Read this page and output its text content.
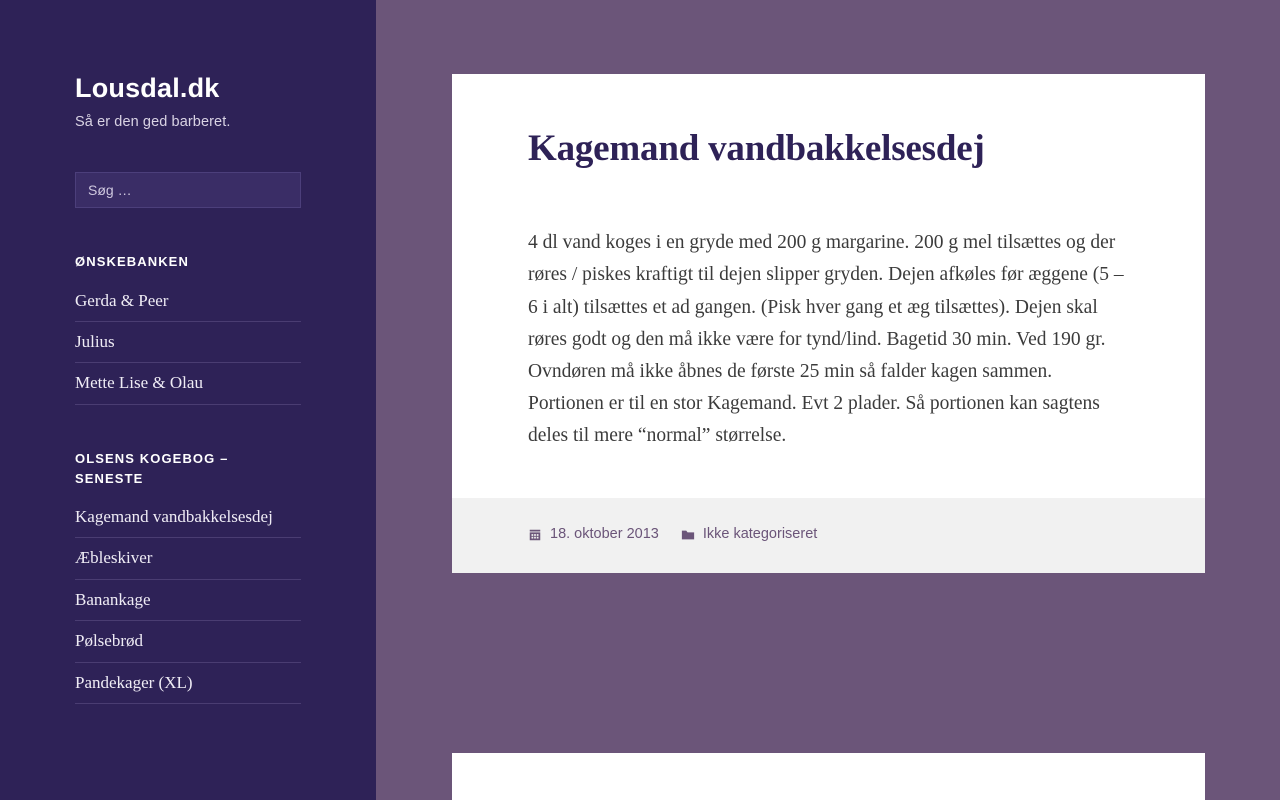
Lousdal.dk

Så er den ged barberet.

Søg …
ØNSKEBANKEN
Gerda & Peer
Julius
Mette Lise & Olau
OLSENS KOGEBOG – SENESTE
Kagemand vandbakkelsesdej
Æbleskiver
Banankage
Pølsebrød
Pandekager (XL)
Kagemand vandbakkelsesdej

4 dl vand koges i en gryde med 200 g margarine. 200 g mel tilsættes og der røres / piskes kraftigt til dejen slipper gryden. Dejen afkøles før æggene (5 – 6 i alt) tilsættes et ad gangen. (Pisk hver gang et æg tilsættes). Dejen skal røres godt og den må ikke være for tynd/lind. Bagetid 30 min. Ved 190 gr. Ovndøren må ikke åbnes de første 25 min så falder kagen sammen.

Portionen er til en stor Kagemand. Evt 2 plader. Så portionen kan sagtens deles til mere “normal” størrelse.

18. oktober 2013	Ikke kategoriseret
